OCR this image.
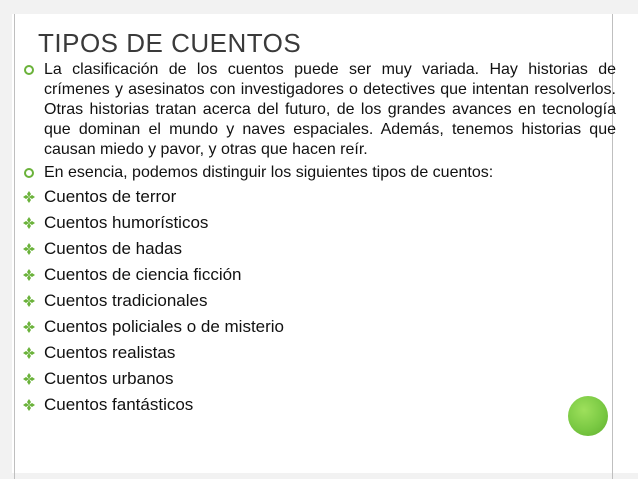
TIPOS DE CUENTOS
La clasificación de los cuentos puede ser muy variada. Hay historias de crímenes y asesinatos con investigadores o detectives que intentan resolverlos. Otras historias tratan acerca del futuro, de los grandes avances en tecnología que dominan el mundo y naves espaciales. Además, tenemos historias que causan miedo y pavor, y otras que hacen reír.
En esencia, podemos distinguir los siguientes tipos de cuentos:
Cuentos de terror
Cuentos humorísticos
Cuentos de hadas
Cuentos de ciencia ficción
Cuentos tradicionales
Cuentos policiales o de misterio
Cuentos realistas
Cuentos urbanos
Cuentos fantásticos
